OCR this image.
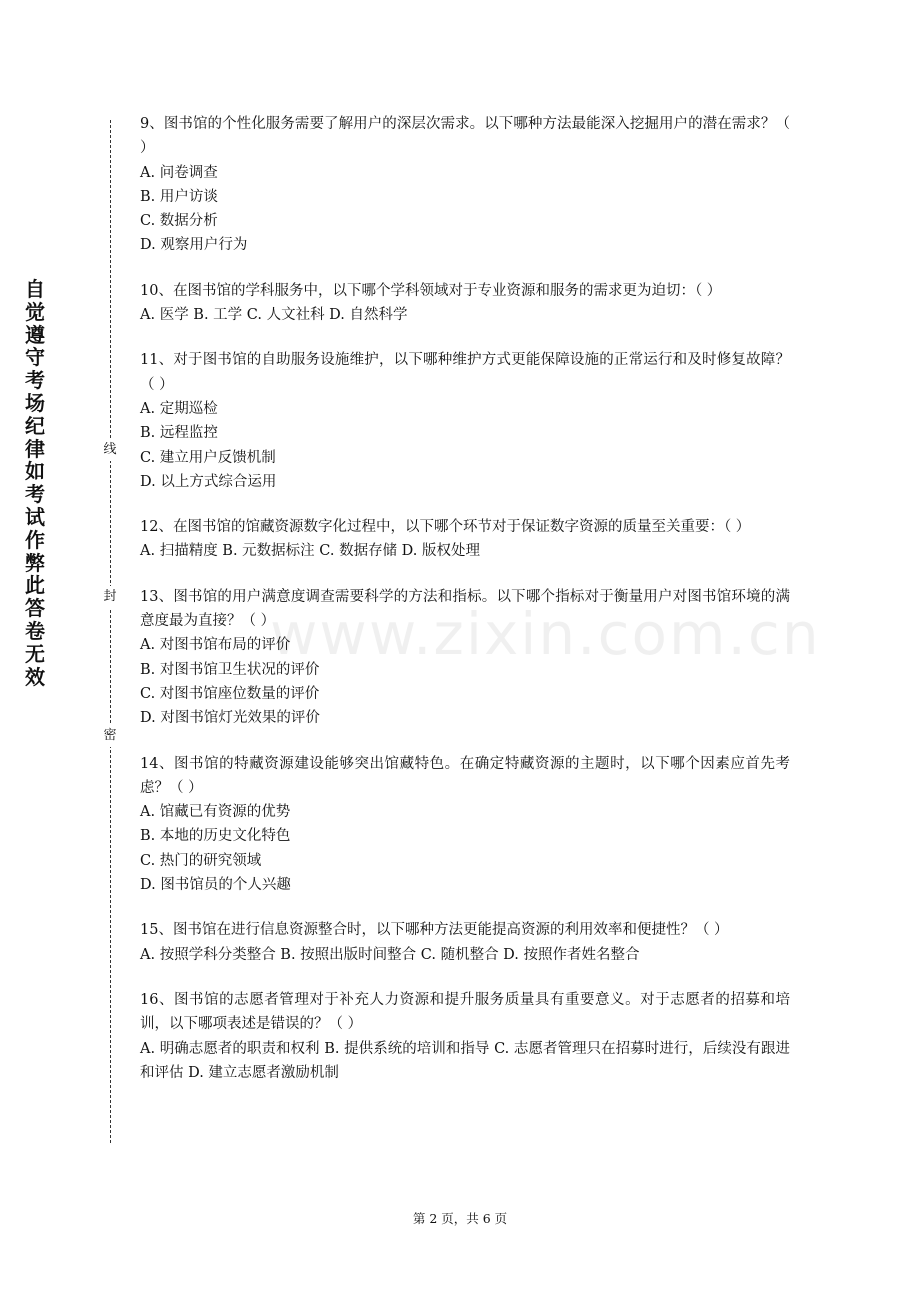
自
觉
遵
守
考
场
纪
律
如
考
试
作
弊
此
答
卷
无
效
线
封
密
www.zixin.com.cn

9、图书馆的个性化服务需要了解用户的深层次需求。以下哪种方法最能深入挖掘用户的潜在需求？（ ）

A. 问卷调查

B. 用户访谈

C. 数据分析

D. 观察用户行为

10、在图书馆的学科服务中，以下哪个学科领域对于专业资源和服务的需求更为迫切：（ ）

A. 医学 B. 工学 C. 人文社科 D. 自然科学

11、对于图书馆的自助服务设施维护，以下哪种维护方式更能保障设施的正常运行和及时修复故障？（ ）

A. 定期巡检

B. 远程监控

C. 建立用户反馈机制

D. 以上方式综合运用

12、在图书馆的馆藏资源数字化过程中，以下哪个环节对于保证数字资源的质量至关重要：（ ）

A. 扫描精度 B. 元数据标注 C. 数据存储 D. 版权处理

13、图书馆的用户满意度调查需要科学的方法和指标。以下哪个指标对于衡量用户对图书馆环境的满意度最为直接？（ ）

A. 对图书馆布局的评价

B. 对图书馆卫生状况的评价

C. 对图书馆座位数量的评价

D. 对图书馆灯光效果的评价

14、图书馆的特藏资源建设能够突出馆藏特色。在确定特藏资源的主题时，以下哪个因素应首先考虑？（ ）

A. 馆藏已有资源的优势

B. 本地的历史文化特色

C. 热门的研究领域

D. 图书馆员的个人兴趣

15、图书馆在进行信息资源整合时，以下哪种方法更能提高资源的利用效率和便捷性？（ ）

A. 按照学科分类整合 B. 按照出版时间整合 C. 随机整合 D. 按照作者姓名整合

16、图书馆的志愿者管理对于补充人力资源和提升服务质量具有重要意义。对于志愿者的招募和培训，以下哪项表述是错误的？（ ）

A. 明确志愿者的职责和权利 B. 提供系统的培训和指导 C. 志愿者管理只在招募时进行，后续没有跟进和评估 D. 建立志愿者激励机制

第 2 页，共 6 页
